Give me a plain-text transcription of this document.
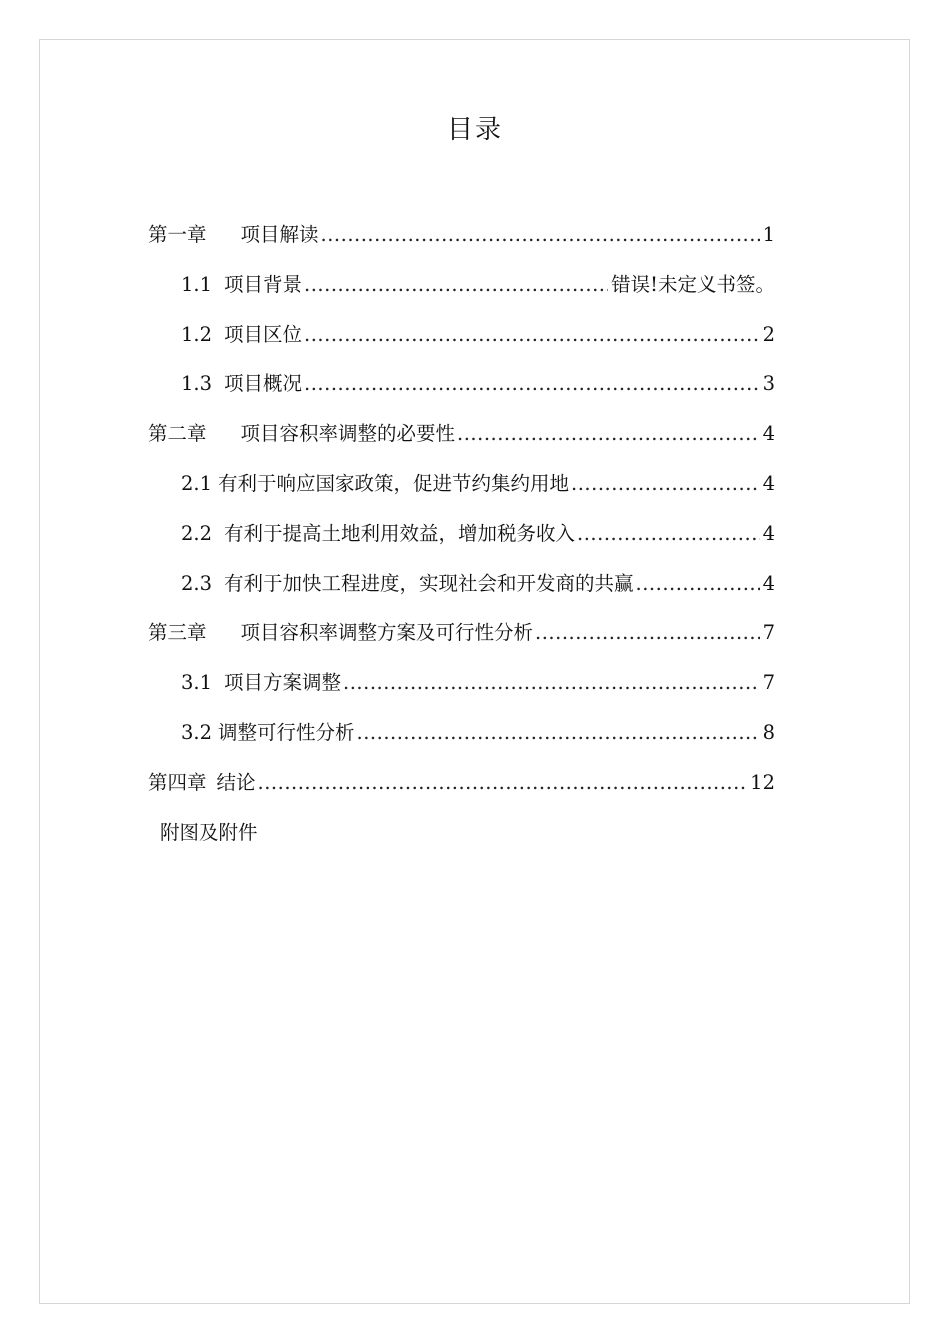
目录
第一章 项目解读 .....	1
1.1 项目背景 .....	错误!未定义书签。
1.2 项目区位 .....	2
1.3 项目概况 .....	3
第二章 项目容积率调整的必要性 .....	4
2.1 有利于响应国家政策，促进节约集约用地 .....	4
2.2 有利于提高土地利用效益，增加税务收入 .....	4
2.3 有利于加快工程进度，实现社会和开发商的共赢 .....	4
第三章 项目容积率调整方案及可行性分析 .....	7
3.1 项目方案调整 .....	7
3.2 调整可行性分析 .....	8
第四章 结论 .....	12
附图及附件
